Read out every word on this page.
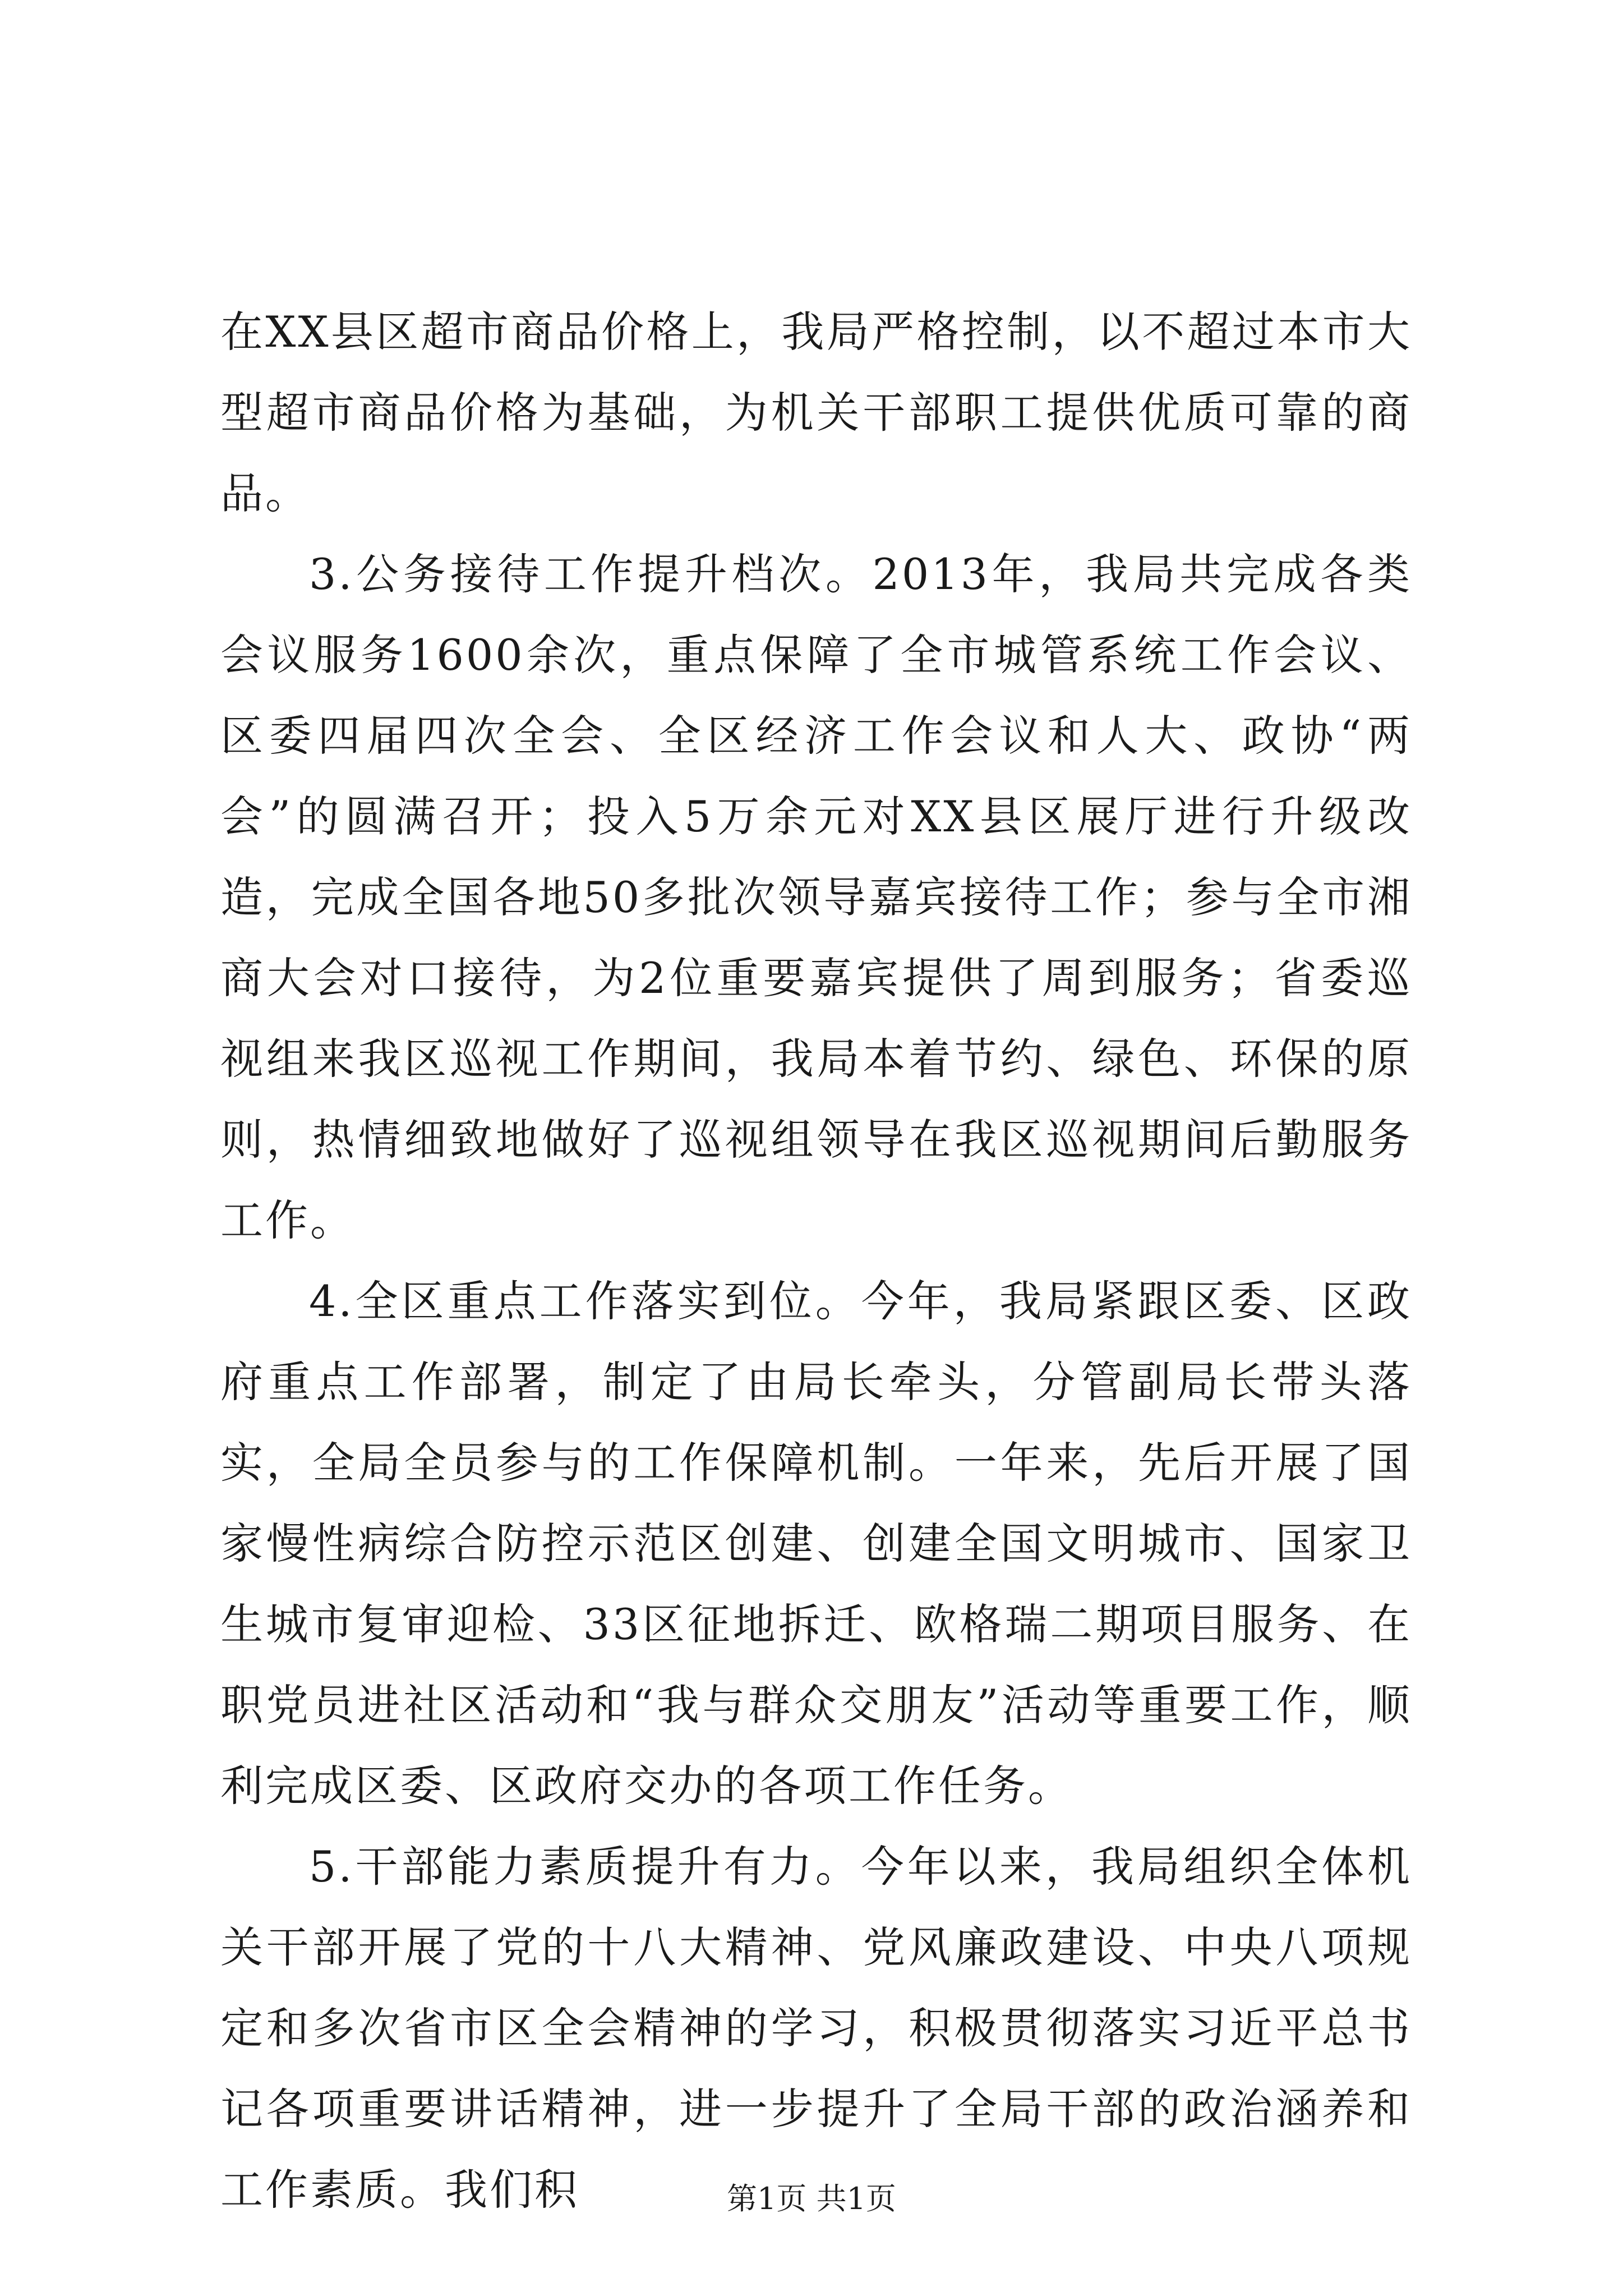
在XX县区超市商品价格上，我局严格控制，以不超过本市大型超市商品价格为基础，为机关干部职工提供优质可靠的商品。

3.公务接待工作提升档次。2013年，我局共完成各类会议服务1600余次，重点保障了全市城管系统工作会议、区委四届四次全会、全区经济工作会议和人大、政协“两会”的圆满召开；投入5万余元对XX县区展厅进行升级改造，完成全国各地50多批次领导嘉宾接待工作；参与全市湘商大会对口接待，为2位重要嘉宾提供了周到服务；省委巡视组来我区巡视工作期间，我局本着节约、绿色、环保的原则，热情细致地做好了巡视组领导在我区巡视期间后勤服务工作。

4.全区重点工作落实到位。今年，我局紧跟区委、区政府重点工作部署，制定了由局长牵头，分管副局长带头落实，全局全员参与的工作保障机制。一年来，先后开展了国家慢性病综合防控示范区创建、创建全国文明城市、国家卫生城市复审迎检、33区征地拆迁、欧格瑞二期项目服务、在职党员进社区活动和“我与群众交朋友”活动等重要工作，顺利完成区委、区政府交办的各项工作任务。

5.干部能力素质提升有力。今年以来，我局组织全体机关干部开展了党的十八大精神、党风廉政建设、中央八项规定和多次省市区全会精神的学习，积极贯彻落实习近平总书记各项重要讲话精神，进一步提升了全局干部的政治涵养和工作素质。我们积	第1页 共1页
